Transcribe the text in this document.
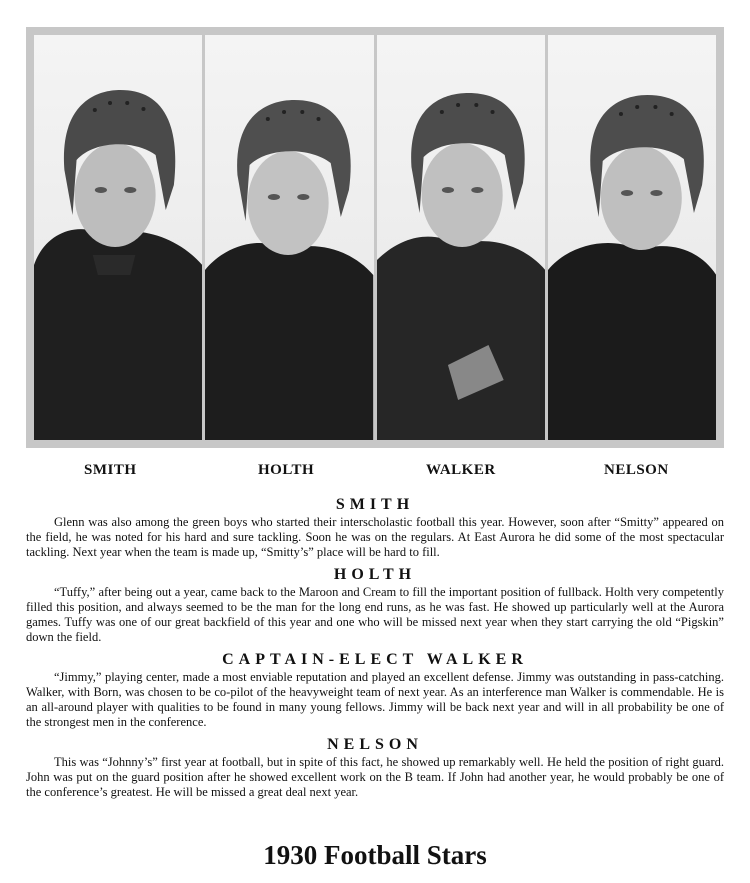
SMITH	HOLTH	WALKER	NELSON
SMITH

Glenn was also among the green boys who started their interscholastic football this year. However, soon after “Smitty” appeared on the field, he was noted for his hard and sure tackling. Soon he was on the regulars. At East Aurora he did some of the most spectacular tackling. Next year when the team is made up, “Smitty’s” place will be hard to fill.

HOLTH

“Tuffy,” after being out a year, came back to the Maroon and Cream to fill the important position of fullback. Holth very competently filled this position, and always seemed to be the man for the long end runs, as he was fast. He showed up particularly well at the Aurora games. Tuffy was one of our great backfield of this year and one who will be missed next year when they start carrying the old “Pigskin” down the field.

CAPTAIN-ELECT WALKER

“Jimmy,” playing center, made a most enviable reputation and played an excellent defense. Jimmy was outstanding in pass-catching. Walker, with Born, was chosen to be co-pilot of the heavyweight team of next year. As an interference man Walker is commendable. He is an all-around player with qualities to be found in many young fellows. Jimmy will be back next year and will in all probability be one of the strongest men in the conference.

NELSON

This was “Johnny’s” first year at football, but in spite of this fact, he showed up remarkably well. He held the position of right guard. John was put on the guard position after he showed excellent work on the B team. If John had another year, he would probably be one of the conference’s greatest. He will be missed a great deal next year.

1930 Football Stars
